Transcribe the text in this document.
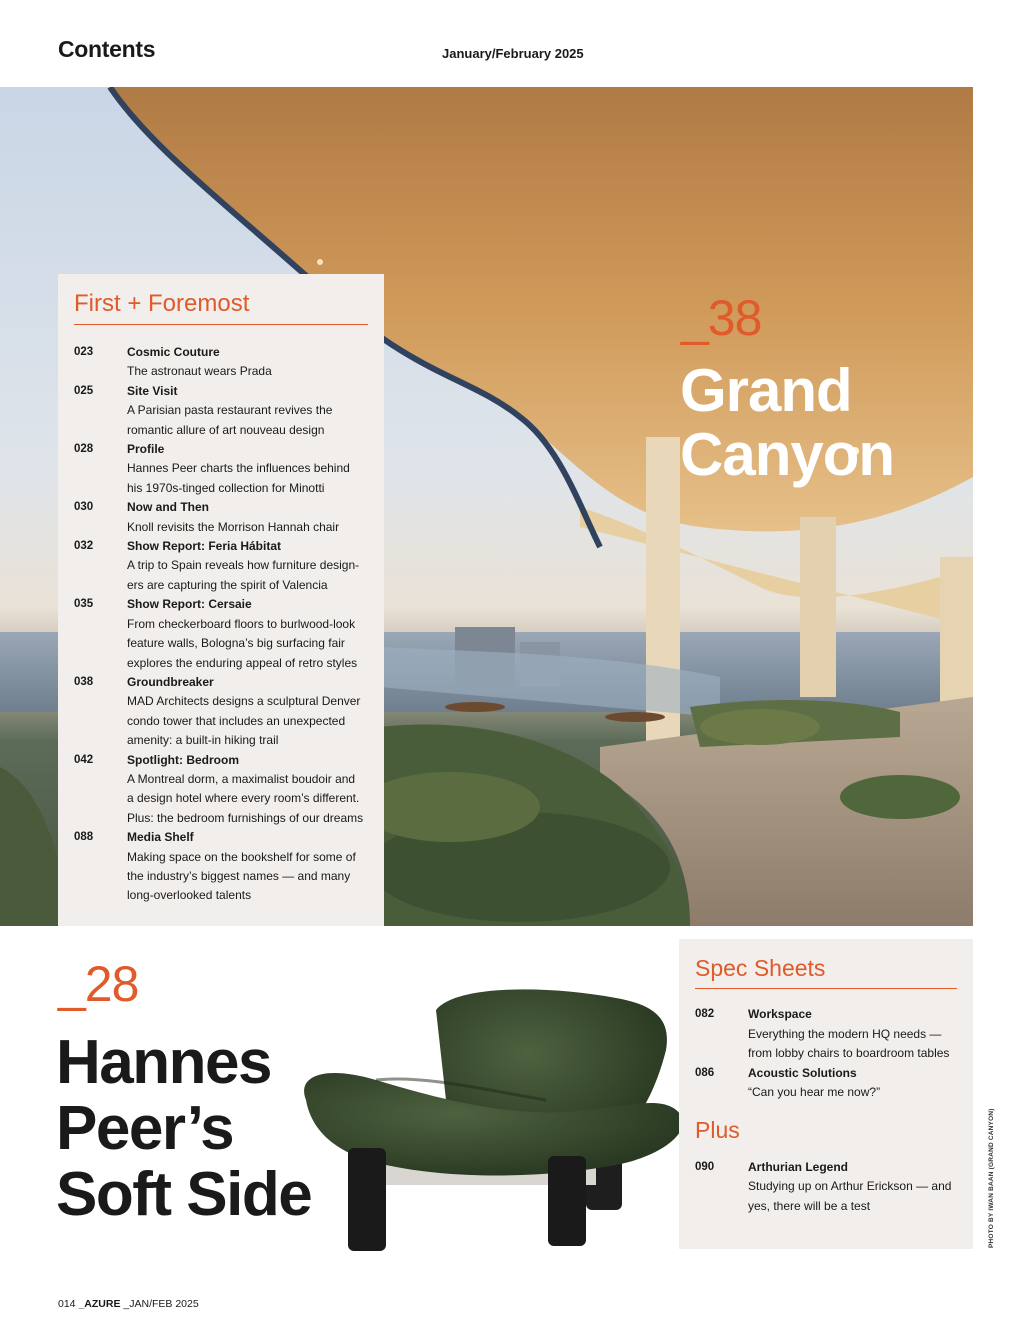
Contents	January/February 2025
_38
Grand
Canyon
First + Foremost
023	Cosmic Couture
The astronaut wears Prada
025	Site Visit
A Parisian pasta restaurant revives the
romantic allure of art nouveau design
028	Profile
Hannes Peer charts the influences behind
his 1970s-tinged collection for Minotti
030	Now and Then
Knoll revisits the Morrison Hannah chair
032	Show Report: Feria Hábitat
A trip to Spain reveals how furniture design-
ers are capturing the spirit of Valencia
035	Show Report: Cersaie
From checkerboard floors to burlwood-look
feature walls, Bologna’s big surfacing fair
explores the enduring appeal of retro styles
038	Groundbreaker
MAD Architects designs a sculptural Denver
condo tower that includes an unexpected
amenity: a built-in hiking trail
042	Spotlight: Bedroom
A Montreal dorm, a maximalist boudoir and
a design hotel where every room’s different.
Plus: the bedroom furnishings of our dreams
088	Media Shelf
Making space on the bookshelf for some of
the industry’s biggest names — and many
long-overlooked talents
_28
Hannes
Peer’s
Soft Side
Spec Sheets
082	Workspace
Everything the modern HQ needs —
from lobby chairs to boardroom tables
086	Acoustic Solutions
“Can you hear me now?”
Plus
090	Arthurian Legend
Studying up on Arthur Erickson — and
yes, there will be a test	PHOTO BY IWAN BAAN (GRAND CANYON)
014 _AZURE _JAN/FEB 2025
